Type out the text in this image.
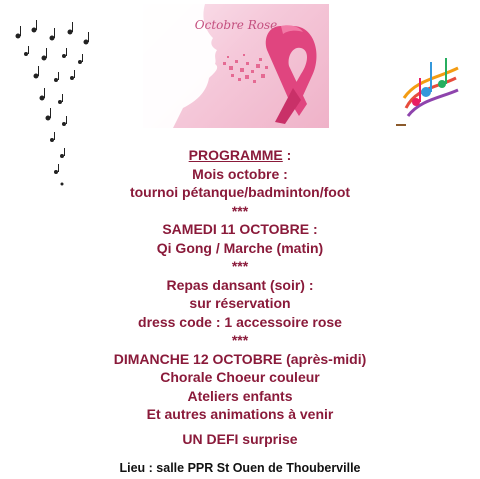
Octobre Rose
PROGRAMME :
Mois octobre :
tournoi pétanque/badminton/foot
***
SAMEDI 11 OCTOBRE :
Qi Gong / Marche (matin)
***
Repas dansant (soir) :
sur réservation
dress code : 1 accessoire rose
***
DIMANCHE 12 OCTOBRE (après-midi)
Chorale Choeur couleur
Ateliers enfants
Et autres animations à venir
UN DEFI surprise
Lieu : salle PPR St Ouen de Thouberville
